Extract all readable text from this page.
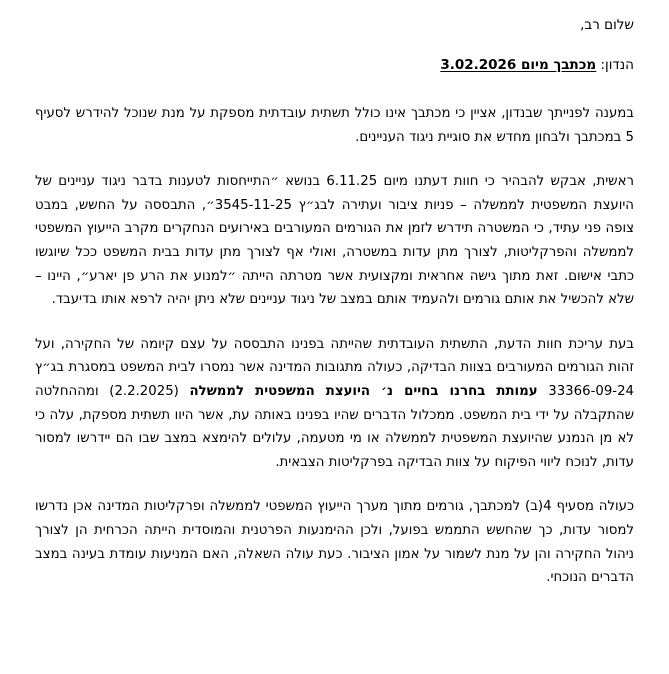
שלום רב,
הנדון: מכתבך מיום 3.02.2026

במענה לפנייתך שבנדון, אציין כי מכתבך אינו כולל תשתית עובדתית מספקת על מנת שנוכל להידרש לסעיף 5 במכתבך ולבחון מחדש את סוגיית ניגוד העניינים.

ראשית, אבקש להבהיר כי חוות דעתנו מיום 6.11.25 בנושא ״התייחסות לטענות בדבר ניגוד עניינים של היועצת המשפטית לממשלה – פניות ציבור ועתירה לבג״ץ 3545-11-25״, התבססה על החשש, במבט צופה פני עתיד, כי המשטרה תידרש לזמן את הגורמים המעורבים באירועים הנחקרים מקרב הייעוץ המשפטי לממשלה והפרקליטות, לצורך מתן עדות במשטרה, ואולי אף לצורך מתן עדות בבית המשפט ככל שיוגשו כתבי אישום. זאת מתוך גישה אחראית ומקצועית אשר מטרתה הייתה ״למנוע את הרע פן יארע״, היינו – שלא להכשיל את אותם גורמים ולהעמיד אותם במצב של ניגוד עניינים שלא ניתן יהיה לרפא אותו בדיעבד.

בעת עריכת חוות הדעת, התשתית העובדתית שהייתה בפנינו התבססה על עצם קיומה של החקירה, ועל זהות הגורמים המעורבים בצוות הבדיקה, כעולה מתגובות המדינה אשר נמסרו לבית המשפט במסגרת בג״ץ 33366-09-24 עמותת בחרנו בחיים נ׳ היועצת המשפטית לממשלה (2.2.2025) ומההחלטה שהתקבלה על ידי בית המשפט. ממכלול הדברים שהיו בפנינו באותה עת, אשר היוו תשתית מספקת, עלה כי לא מן הנמנע שהיועצת המשפטית לממשלה או מי מטעמה, עלולים להימצא במצב שבו הם יידרשו למסור עדות, לנוכח ליווי הפיקוח על צוות הבדיקה בפרקליטות הצבאית.

כעולה מסעיף 4(ב) למכתבך, גורמים מתוך מערך הייעוץ המשפטי לממשלה ופרקליטות המדינה אכן נדרשו למסור עדות, כך שהחשש התממש בפועל, ולכן ההימנעות הפרטנית והמוסדית הייתה הכרחית הן לצורך ניהול החקירה והן על מנת לשמור על אמון הציבור. כעת עולה השאלה, האם המניעות עומדת בעינה במצב הדברים הנוכחי.
